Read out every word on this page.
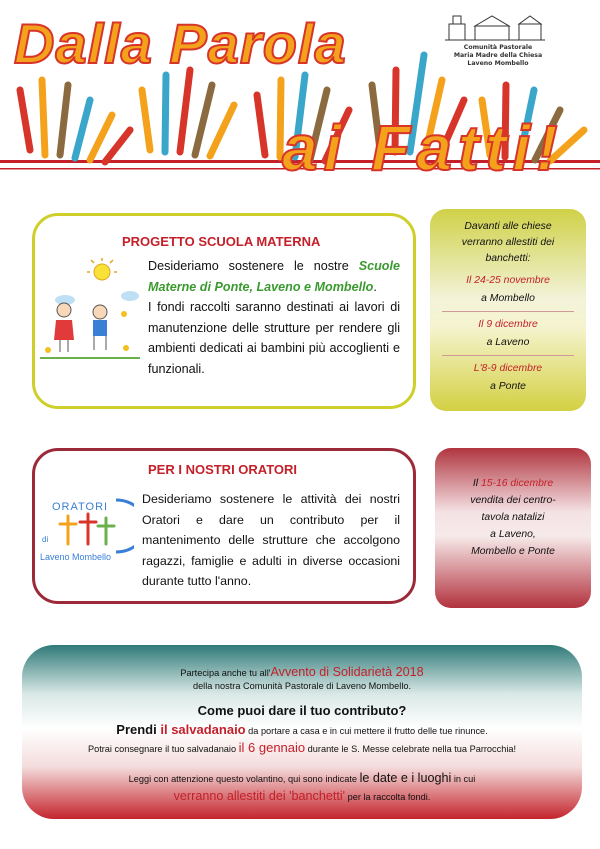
Dalla Parola
ai Fatti!
Comunità Pastorale
Maria Madre della Chiesa
Laveno Mombello
PROGETTO SCUOLA MATERNA
Desideriamo sostenere le nostre Scuole Materne di Ponte, Laveno e Mombello.
I fondi raccolti saranno destinati ai lavori di manutenzione delle strutture per rendere gli ambienti dedicati ai bambini più accoglienti e funzionali.
Davanti alle chiese
verranno allestiti dei
banchetti:
Il 24-25 novembre
a Mombello
Il 9 dicembre
a Laveno
L'8-9 dicembre
a Ponte
PER I NOSTRI ORATORI
ORATORI
di
Laveno Mombello
Desideriamo sostenere le attività dei nostri Oratori e dare un contributo per il mantenimento delle strutture che accolgono ragazzi, famiglie e adulti in diverse occasioni durante tutto l'anno.
Il 15-16 dicembre
vendita dei centro-
tavola natalizi
a Laveno,
Mombello e Ponte
Partecipa anche tu all'Avvento di Solidarietà 2018
della nostra Comunità Pastorale di Laveno Mombello.
Come puoi dare il tuo contributo?
Prendi il salvadanaio da portare a casa e in cui mettere il frutto delle tue rinunce.
Potrai consegnare il tuo salvadanaio il 6 gennaio durante le S. Messe celebrate nella tua Parrocchia!
Leggi con attenzione questo volantino, qui sono indicate le date e i luoghi in cui
verranno allestiti dei 'banchetti' per la raccolta fondi.
